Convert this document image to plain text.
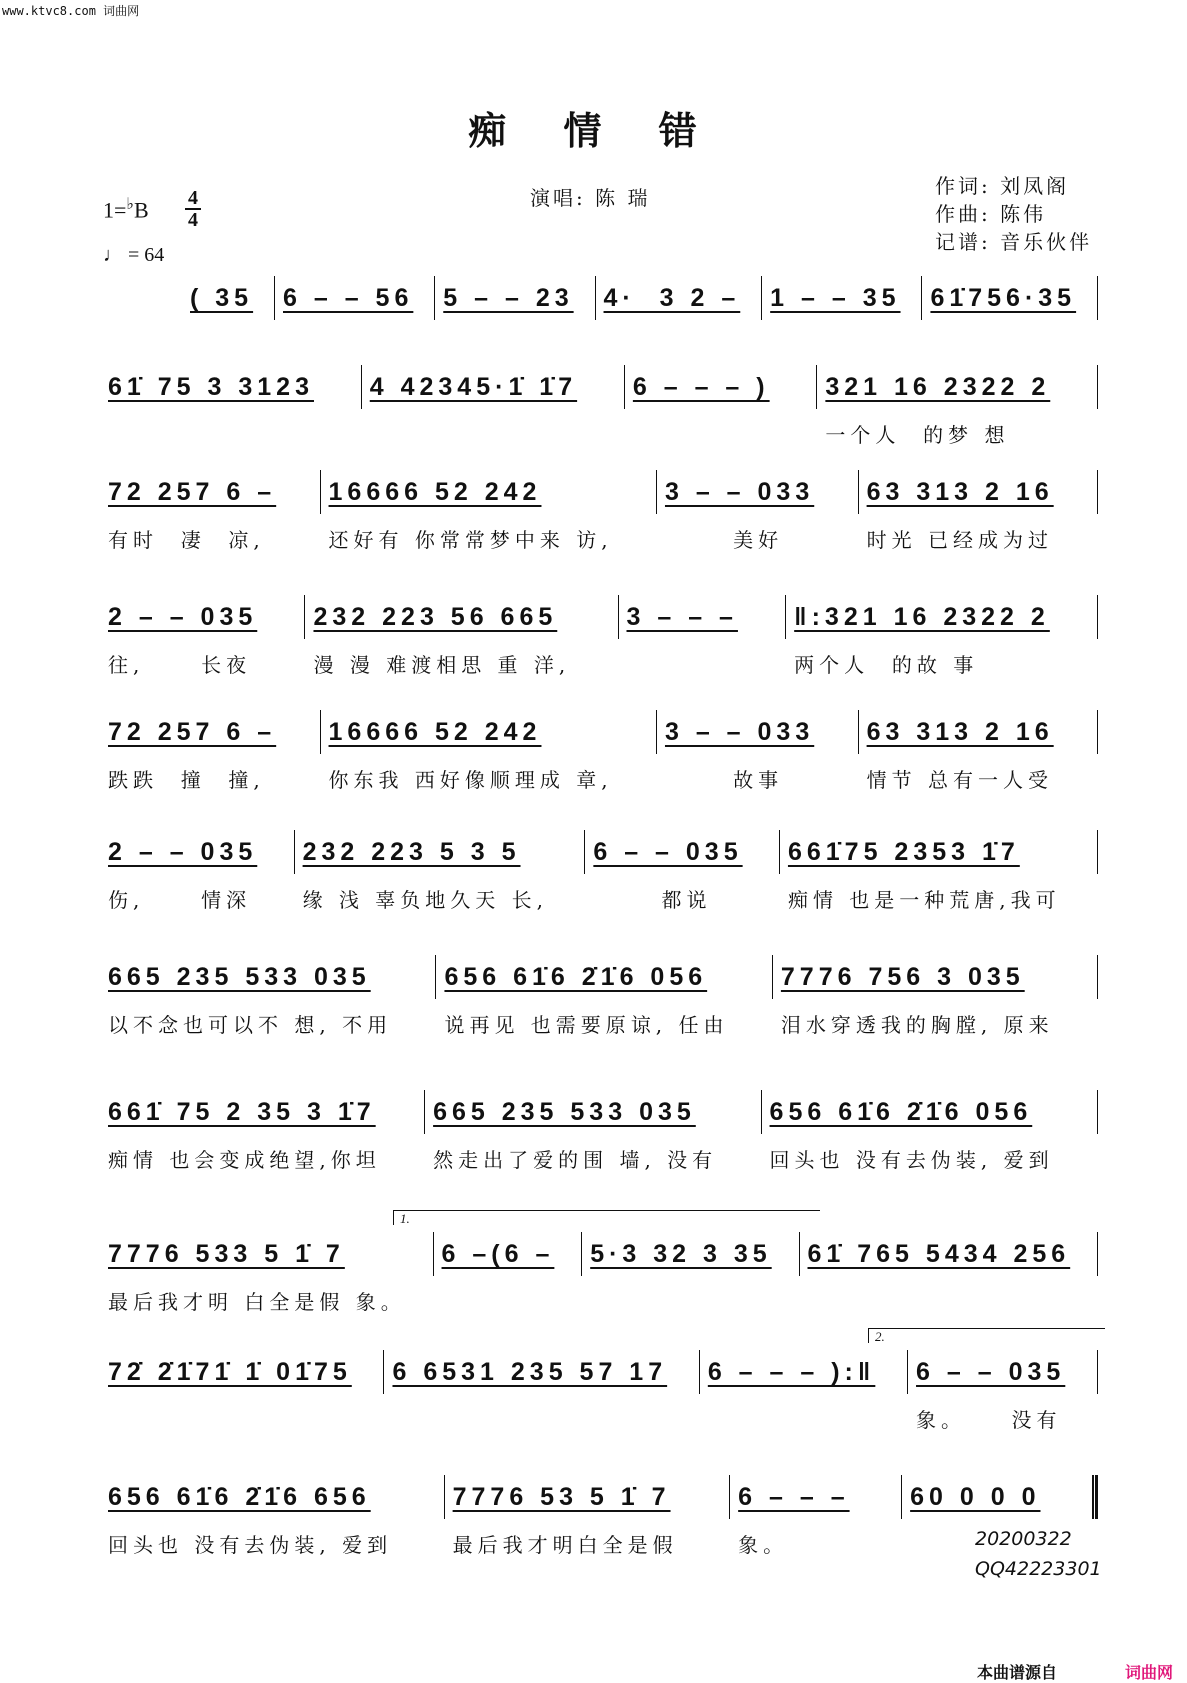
www.ktvc8.com 词曲网
痴 情 错
演唱: 陈 瑞	作词: 刘凤阁
作曲: 陈伟
记谱: 音乐伙伴
$1=^♭B \frac{4}{4}$
♩ = 64
( 35	6 – – 56	5 – – 23	4·  3 2 –	1 – – 35	61̇756·35
61̇ 75 3 3123	4 42345·1̇ 1̇7	6 – – – )	321 16 2322 2
一个人  的梦 想
72 257 6 –
有时  凄  凉,
16666 52 242
还好有 你常常梦中来 访,
3 – – 033
美好
63 313 2 16
时光 已经成为过
2 – – 035
往,     长夜
232 223 56 665
漫 漫 难渡相思 重 洋,
3 – – –	‖:321 16 2322 2
两个人  的故 事
72 257 6 –
跌跌  撞  撞,
16666 52 242
你东我 西好像顺理成 章,
3 – – 033
故事
63 313 2 16
情节 总有一人受
2 – – 035
伤,     情深
232 223 5 3 5
缘 浅 辜负地久天 长,
6 – – 035
都说
661̇75 2353 1̇7
痴情 也是一种荒唐,我可
665 235 533 035
以不念也可以不 想, 不用
656 61̇6 2̇1̇6 056
说再见 也需要原谅, 任由
7776 756 3 035
泪水穿透我的胸膛, 原来
661̇ 75 2 35 3 1̇7
痴情 也会变成绝望,你坦
665 235 533 035
然走出了爱的围 墙, 没有
656 61̇6 2̇1̇6 056
回头也 没有去伪装, 爱到
7776 533 5 1̇ 7
最后我才明 白全是假 象。
6 –(6 –	5·3 32 3 35	61̇ 765 5434 256
1.
72̇ 2̇1̇71̇ 1̇ 01̇75	6 6531 235 57 17	6 – – – ):‖	6 – – 035
象。    没有
2.
656 61̇6 2̇1̇6 656
回头也 没有去伪装, 爱到
7776 53 5 1̇ 7
最后我才明白全是假
6 – – –
象。
60 0 0 0
20200322
QQ42223301
本曲谱源自	词曲网
